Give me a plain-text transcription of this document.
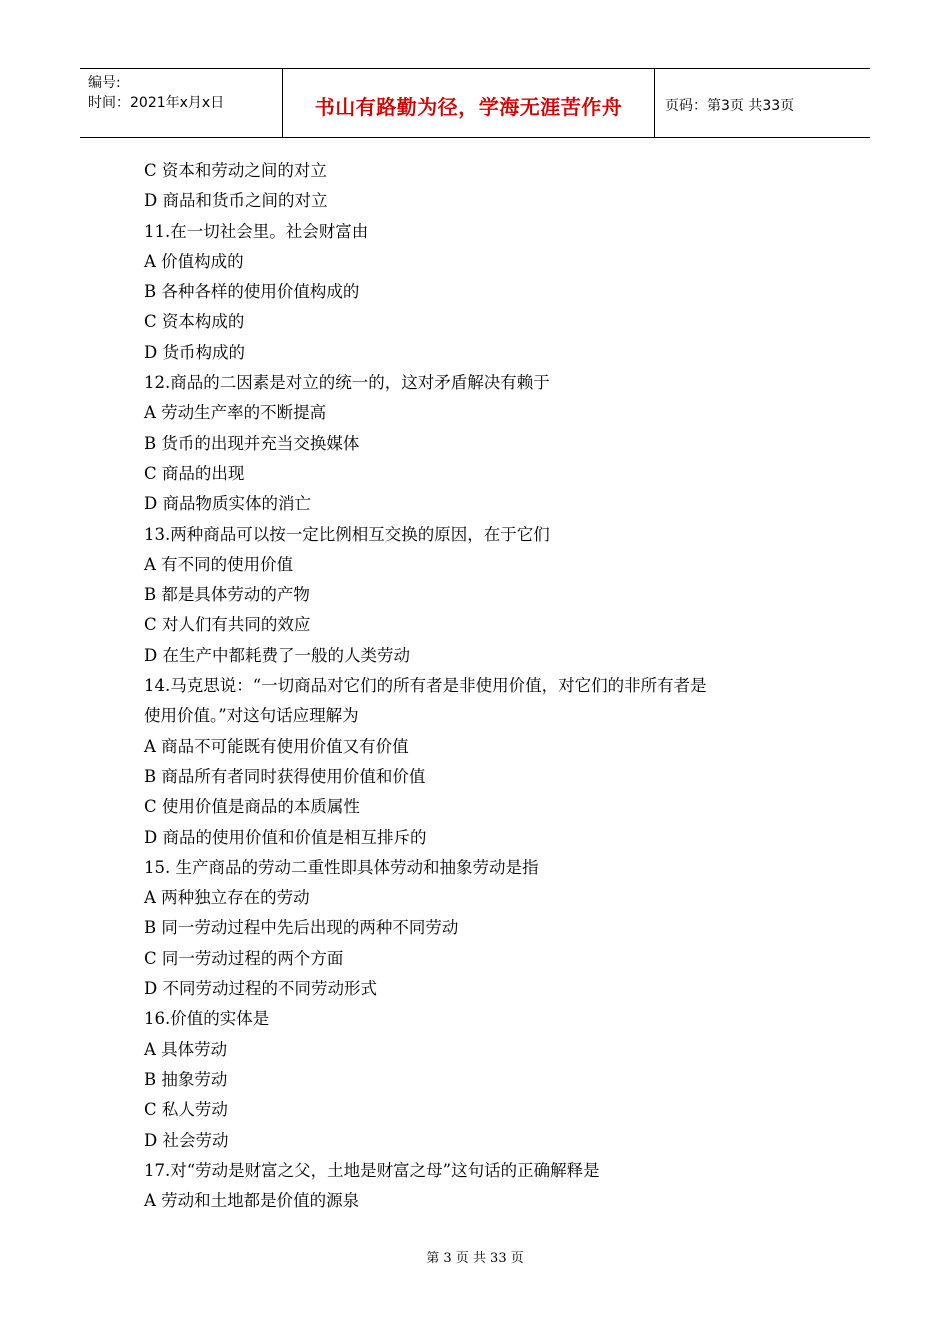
编号:
时间：2021年x月x日	书山有路勤为径，学海无涯苦作舟	页码：第3页 共33页
C 资本和劳动之间的对立
D 商品和货币之间的对立
11.在一切社会里。社会财富由
A 价值构成的
B 各种各样的使用价值构成的
C 资本构成的
D 货币构成的
12.商品的二因素是对立的统一的，这对矛盾解决有赖于
A 劳动生产率的不断提高
B 货币的出现并充当交换媒体
C 商品的出现
D 商品物质实体的消亡
13.两种商品可以按一定比例相互交换的原因，在于它们
A 有不同的使用价值
B 都是具体劳动的产物
C 对人们有共同的效应
D 在生产中都耗费了一般的人类劳动
14.马克思说：“一切商品对它们的所有者是非使用价值，对它们的非所有者是
使用价值。”对这句话应理解为
A 商品不可能既有使用价值又有价值
B 商品所有者同时获得使用价值和价值
C 使用价值是商品的本质属性
D 商品的使用价值和价值是相互排斥的
15. 生产商品的劳动二重性即具体劳动和抽象劳动是指
A 两种独立存在的劳动
B 同一劳动过程中先后出现的两种不同劳动
C 同一劳动过程的两个方面
D 不同劳动过程的不同劳动形式
16.价值的实体是
A 具体劳动
B 抽象劳动
C 私人劳动
D 社会劳动
17.对“劳动是财富之父，土地是财富之母”这句话的正确解释是
A 劳动和土地都是价值的源泉
第 3 页 共 33 页
